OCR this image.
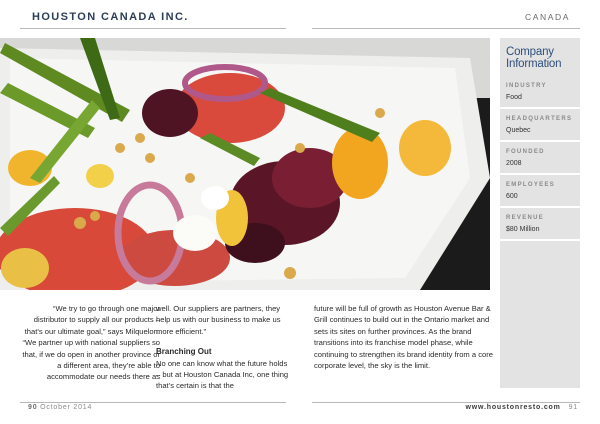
HOUSTON CANADA INC.	CANADA
Company Information
INDUSTRY
Food
HEADQUARTERS
Quebec
FOUNDED
2008
EMPLOYEES
600
REVENUE
$80 Million

“We try to go through one major distributor to supply all our products – that’s our ultimate goal,” says Milquelon. “We partner up with national suppliers so that, if we do open in another province or a different area, they’re able to accommodate our needs there as

well. Our suppliers are partners, they help us with our business to make us more efficient.”

Branching Out

No one can know what the future holds – but at Houston Canada Inc, one thing that’s certain is that the

future will be full of growth as Houston Avenue Bar & Grill continues to build out in the Ontario market and sets its sites on further provinces. As the brand transitions into its franchise model phase, while continuing to strengthen its brand identity from a core corporate level, the sky is the limit.

90 October 2014	www.houstonresto.com 91
